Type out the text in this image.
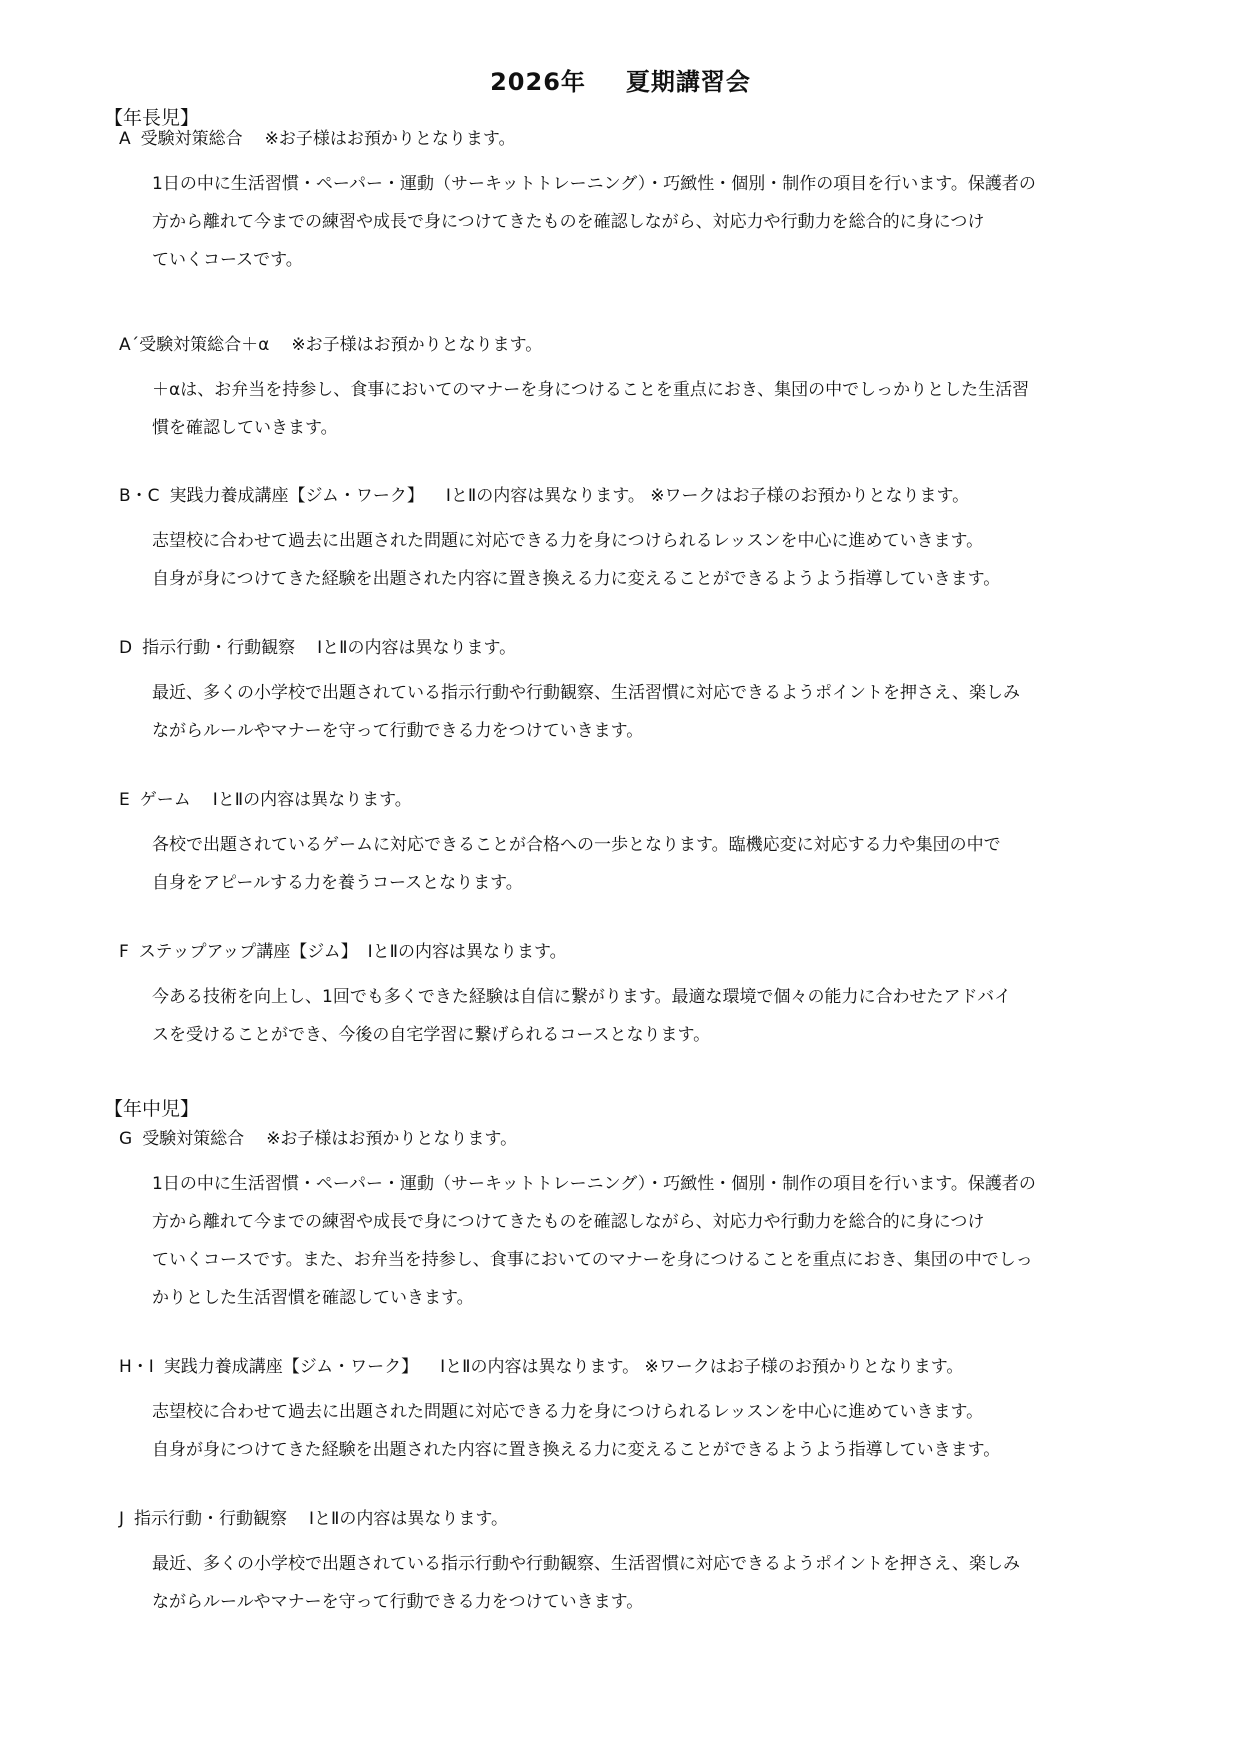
2026年 夏期講習会
【年長児】
A 受験対策総合 ※お子様はお預かりとなります。

1日の中に生活習慣・ペーパー・運動（サーキットトレーニング）・巧緻性・個別・制作の項目を行います。保護者の

方から離れて今までの練習や成長で身につけてきたものを確認しながら、対応力や行動力を総合的に身につけ

ていくコースです。

A´受験対策総合＋α ※お子様はお預かりとなります。

＋αは、お弁当を持参し、食事においてのマナーを身につけることを重点におき、集団の中でしっかりとした生活習

慣を確認していきます。

B・C 実践力養成講座【ジム・ワーク】 ⅠとⅡの内容は異なります。 ※ワークはお子様のお預かりとなります。

志望校に合わせて過去に出題された問題に対応できる力を身につけられるレッスンを中心に進めていきます。

自身が身につけてきた経験を出題された内容に置き換える力に変えることができるようよう指導していきます。

D 指示行動・行動観察 ⅠとⅡの内容は異なります。

最近、多くの小学校で出題されている指示行動や行動観察、生活習慣に対応できるようポイントを押さえ、楽しみ

ながらルールやマナーを守って行動できる力をつけていきます。

E ゲーム ⅠとⅡの内容は異なります。

各校で出題されているゲームに対応できることが合格への一歩となります。臨機応変に対応する力や集団の中で

自身をアピールする力を養うコースとなります。

F ステップアップ講座【ジム】 ⅠとⅡの内容は異なります。

今ある技術を向上し、1回でも多くできた経験は自信に繋がります。最適な環境で個々の能力に合わせたアドバイ

スを受けることができ、今後の自宅学習に繋げられるコースとなります。

【年中児】
G 受験対策総合 ※お子様はお預かりとなります。

1日の中に生活習慣・ペーパー・運動（サーキットトレーニング）・巧緻性・個別・制作の項目を行います。保護者の

方から離れて今までの練習や成長で身につけてきたものを確認しながら、対応力や行動力を総合的に身につけ

ていくコースです。また、お弁当を持参し、食事においてのマナーを身につけることを重点におき、集団の中でしっ

かりとした生活習慣を確認していきます。

H・I 実践力養成講座【ジム・ワーク】 ⅠとⅡの内容は異なります。 ※ワークはお子様のお預かりとなります。

志望校に合わせて過去に出題された問題に対応できる力を身につけられるレッスンを中心に進めていきます。

自身が身につけてきた経験を出題された内容に置き換える力に変えることができるようよう指導していきます。

J 指示行動・行動観察 ⅠとⅡの内容は異なります。

最近、多くの小学校で出題されている指示行動や行動観察、生活習慣に対応できるようポイントを押さえ、楽しみ

ながらルールやマナーを守って行動できる力をつけていきます。
